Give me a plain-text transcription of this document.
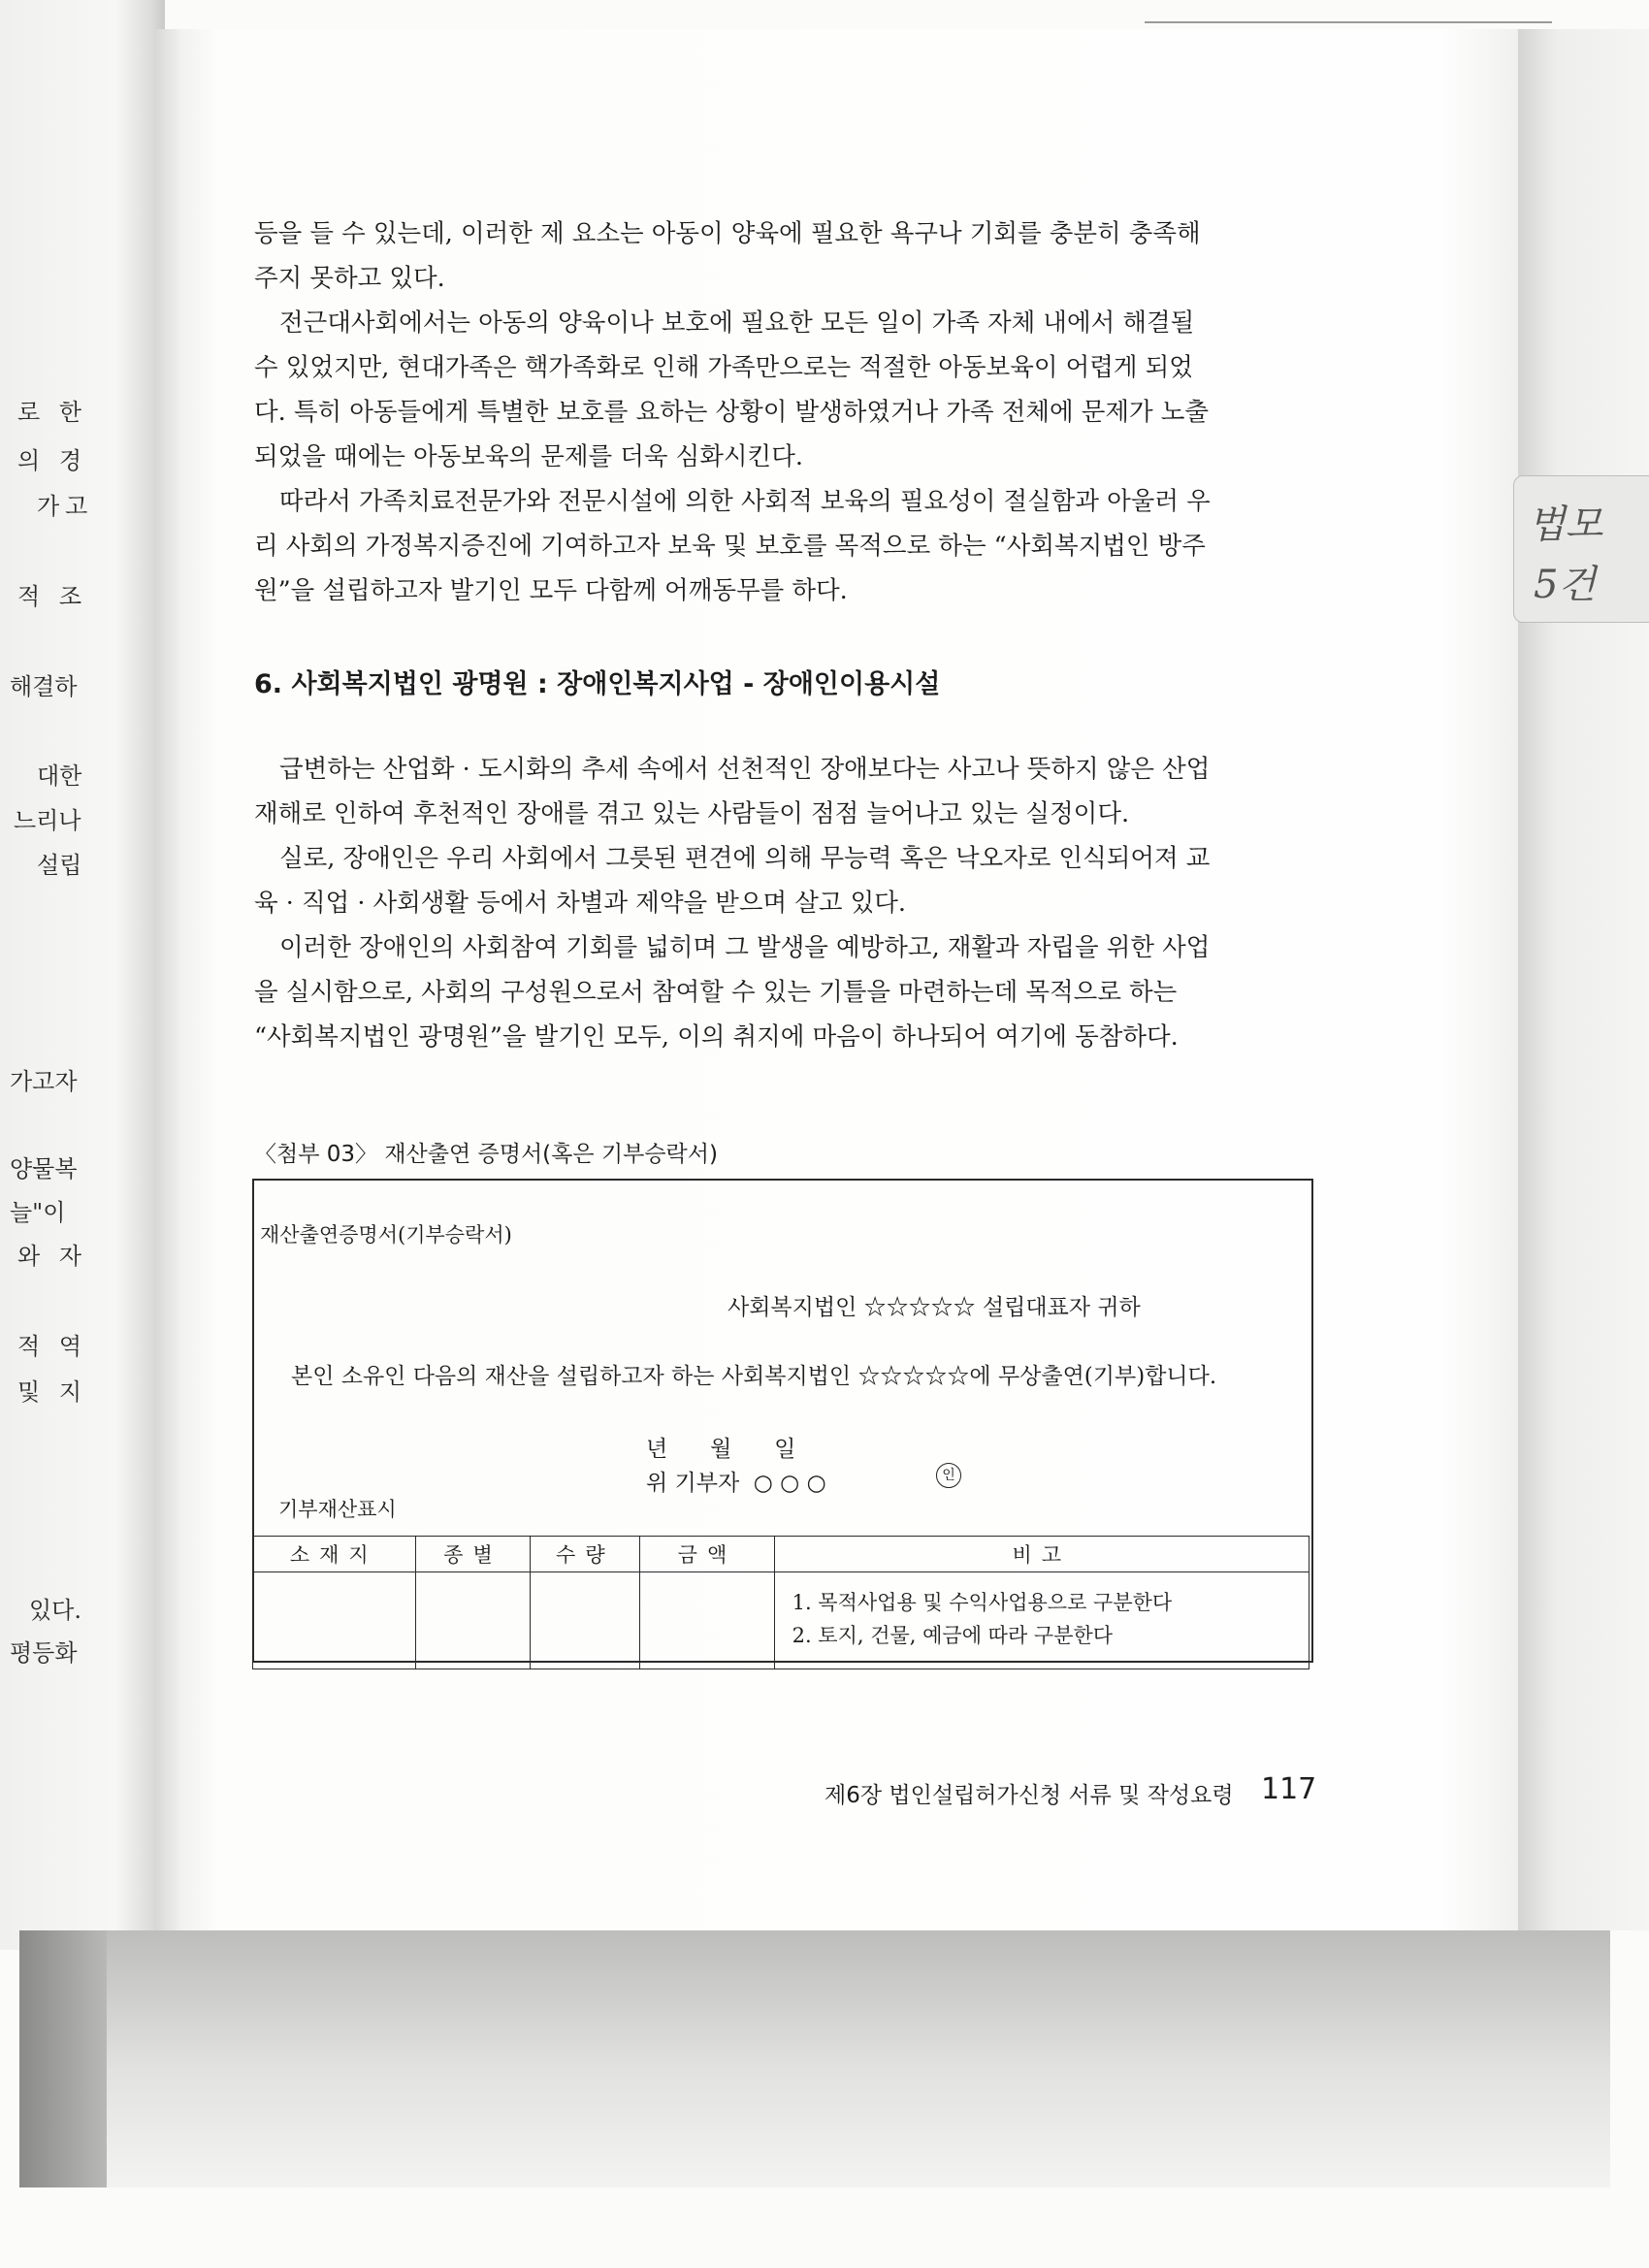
로 한
의 경
가고
적 조
해결하
대한
느리나
설립
가고자
양물복
늘"이
와 자
적 역
및 지
있다.
평등화
법모
5건

등을 들 수 있는데, 이러한 제 요소는 아동이 양육에 필요한 욕구나 기회를 충분히 충족해
주지 못하고 있다.

전근대사회에서는 아동의 양육이나 보호에 필요한 모든 일이 가족 자체 내에서 해결될
수 있었지만, 현대가족은 핵가족화로 인해 가족만으로는 적절한 아동보육이 어렵게 되었
다. 특히 아동들에게 특별한 보호를 요하는 상황이 발생하였거나 가족 전체에 문제가 노출
되었을 때에는 아동보육의 문제를 더욱 심화시킨다.

따라서 가족치료전문가와 전문시설에 의한 사회적 보육의 필요성이 절실함과 아울러 우
리 사회의 가정복지증진에 기여하고자 보육 및 보호를 목적으로 하는 “사회복지법인 방주
원”을 설립하고자 발기인 모두 다함께 어깨동무를 하다.

6. 사회복지법인 광명원 : 장애인복지사업 - 장애인이용시설

급변하는 산업화 · 도시화의 추세 속에서 선천적인 장애보다는 사고나 뜻하지 않은 산업
재해로 인하여 후천적인 장애를 겪고 있는 사람들이 점점 늘어나고 있는 실정이다.

실로, 장애인은 우리 사회에서 그릇된 편견에 의해 무능력 혹은 낙오자로 인식되어져 교
육 · 직업 · 사회생활 등에서 차별과 제약을 받으며 살고 있다.

이러한 장애인의 사회참여 기회를 넓히며 그 발생을 예방하고, 재활과 자립을 위한 사업
을 실시함으로, 사회의 구성원으로서 참여할 수 있는 기틀을 마련하는데 목적으로 하는
“사회복지법인 광명원”을 발기인 모두, 이의 취지에 마음이 하나되어 여기에 동참하다.

〈첨부 03〉 재산출연 증명서(혹은 기부승락서)
재산출연증명서(기부승락서)
사회복지법인 ☆☆☆☆☆ 설립대표자 귀하
본인 소유인 다음의 재산을 설립하고자 하는 사회복지법인 ☆☆☆☆☆에 무상출연(기부)합니다.
년      월      일
위 기부자  ○ ○ ○	인
기부재산표시
소재지	종별	수량	금액	비고

				1. 목적사업용 및 수익사업용으로 구분한다
2. 토지, 건물, 예금에 따라 구분한다
제6장 법인설립허가신청 서류 및 작성요령 117
